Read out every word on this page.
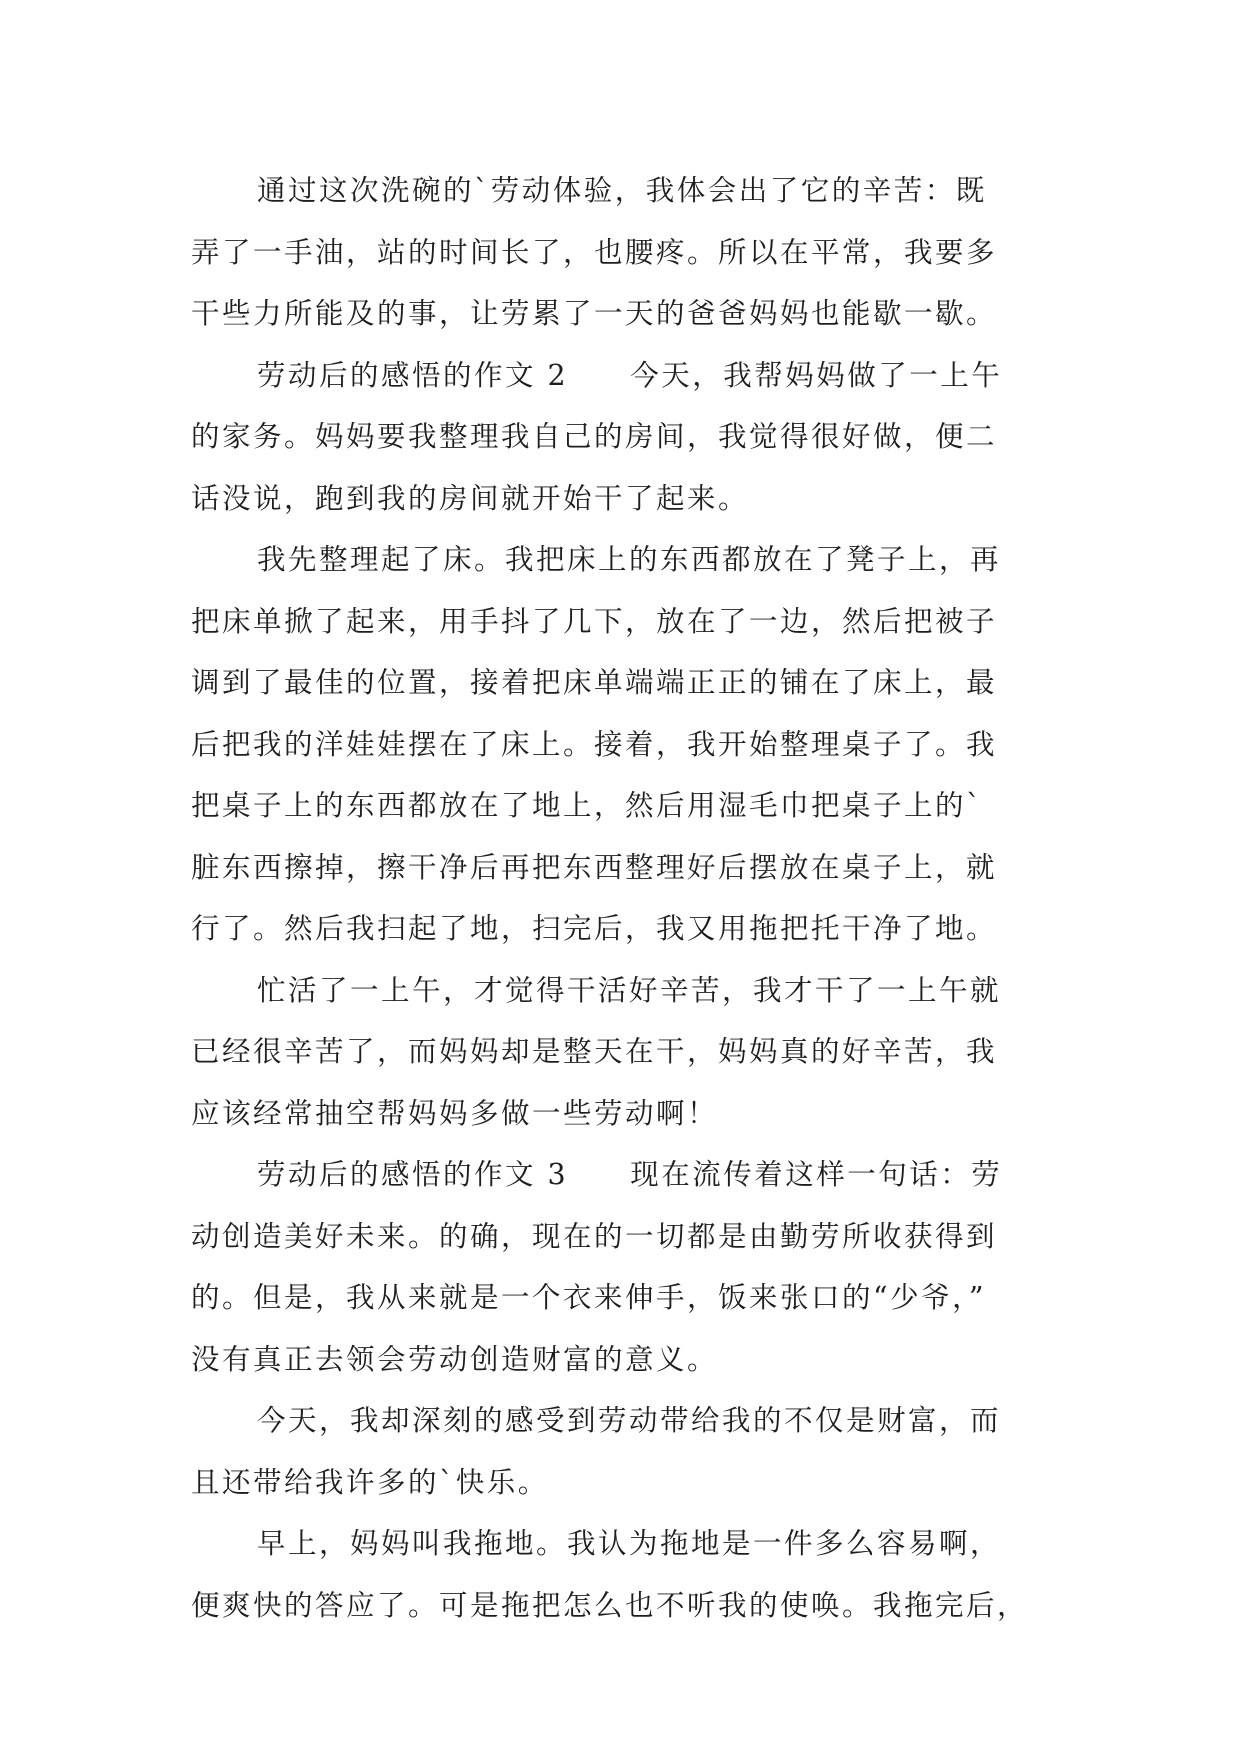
通过这次洗碗的`劳动体验，我体会出了它的辛苦：既
弄了一手油，站的时间长了，也腰疼。所以在平常，我要多
干些力所能及的事，让劳累了一天的爸爸妈妈也能歇一歇。
劳动后的感悟的作文 2　　今天，我帮妈妈做了一上午
的家务。妈妈要我整理我自己的房间，我觉得很好做，便二
话没说，跑到我的房间就开始干了起来。
我先整理起了床。我把床上的东西都放在了凳子上，再
把床单掀了起来，用手抖了几下，放在了一边，然后把被子
调到了最佳的位置，接着把床单端端正正的铺在了床上，最
后把我的洋娃娃摆在了床上。接着，我开始整理桌子了。我
把桌子上的东西都放在了地上，然后用湿毛巾把桌子上的`
脏东西擦掉，擦干净后再把东西整理好后摆放在桌子上，就
行了。然后我扫起了地，扫完后，我又用拖把托干净了地。
忙活了一上午，才觉得干活好辛苦，我才干了一上午就
已经很辛苦了，而妈妈却是整天在干，妈妈真的好辛苦，我
应该经常抽空帮妈妈多做一些劳动啊！
劳动后的感悟的作文 3　　现在流传着这样一句话：劳
动创造美好未来。的确，现在的一切都是由勤劳所收获得到
的。但是，我从来就是一个衣来伸手，饭来张口的“少爷，”
没有真正去领会劳动创造财富的意义。
今天，我却深刻的感受到劳动带给我的不仅是财富，而
且还带给我许多的`快乐。
早上，妈妈叫我拖地。我认为拖地是一件多么容易啊，
便爽快的答应了。可是拖把怎么也不听我的使唤。我拖完后，
